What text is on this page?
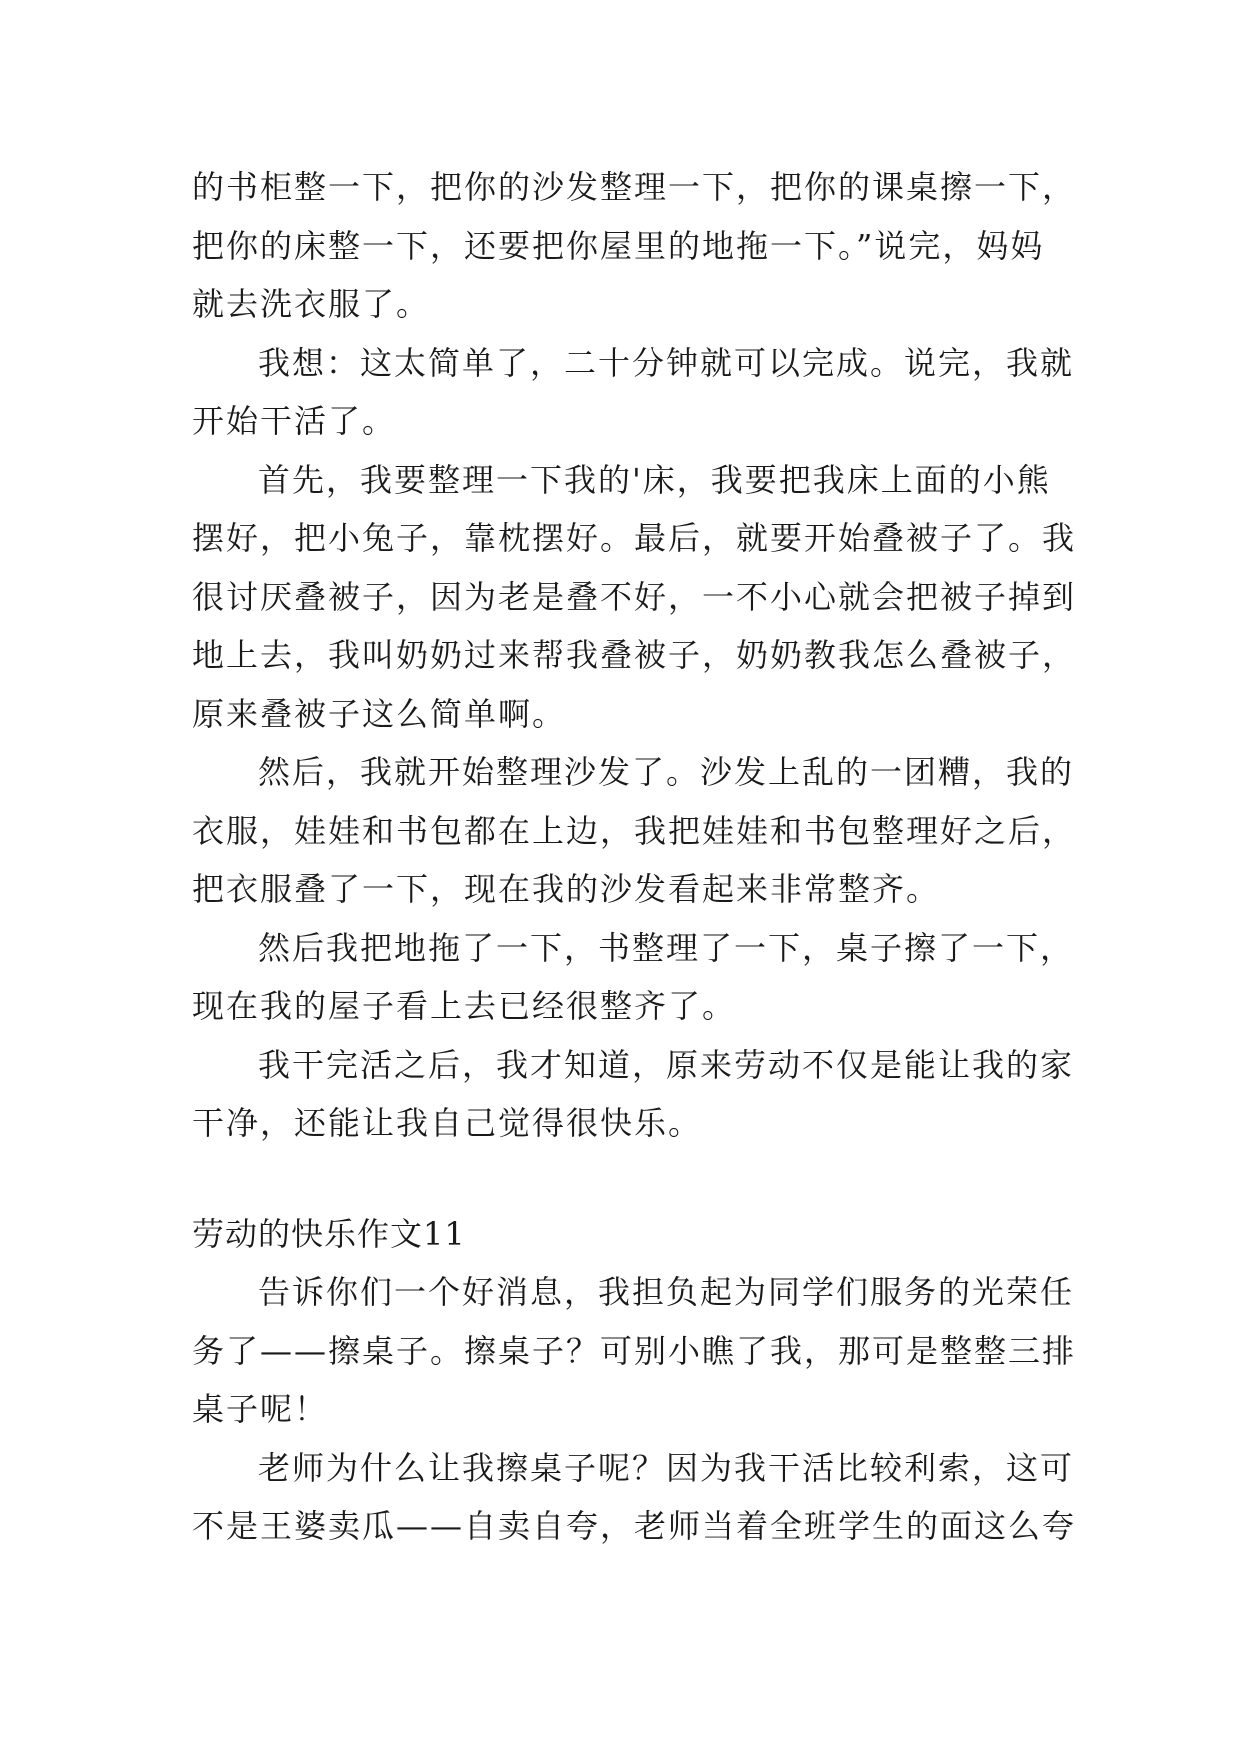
的书柜整一下，把你的沙发整理一下，把你的课桌擦一下，
把你的床整一下，还要把你屋里的地拖一下。”说完，妈妈
就去洗衣服了。
我想：这太简单了，二十分钟就可以完成。说完，我就
开始干活了。
首先，我要整理一下我的'床，我要把我床上面的小熊
摆好，把小兔子，靠枕摆好。最后，就要开始叠被子了。我
很讨厌叠被子，因为老是叠不好，一不小心就会把被子掉到
地上去，我叫奶奶过来帮我叠被子，奶奶教我怎么叠被子，
原来叠被子这么简单啊。
然后，我就开始整理沙发了。沙发上乱的一团糟，我的
衣服，娃娃和书包都在上边，我把娃娃和书包整理好之后，
把衣服叠了一下，现在我的沙发看起来非常整齐。
然后我把地拖了一下，书整理了一下，桌子擦了一下，
现在我的屋子看上去已经很整齐了。
我干完活之后，我才知道，原来劳动不仅是能让我的家
干净，还能让我自己觉得很快乐。
劳动的快乐作文11
告诉你们一个好消息，我担负起为同学们服务的光荣任
务了——擦桌子。擦桌子？可别小瞧了我，那可是整整三排
桌子呢！
老师为什么让我擦桌子呢？因为我干活比较利索，这可
不是王婆卖瓜——自卖自夸，老师当着全班学生的面这么夸
